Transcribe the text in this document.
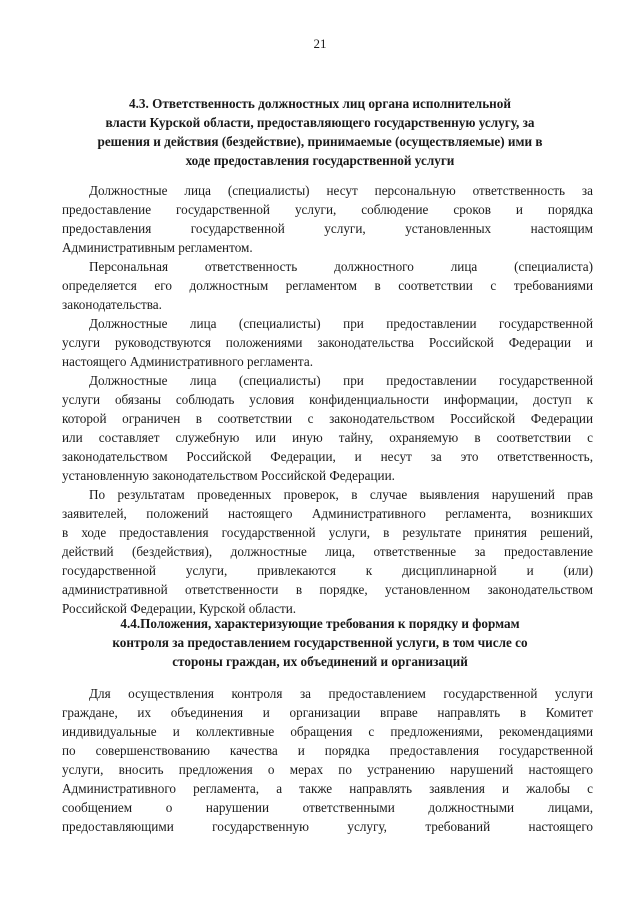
21
4.3. Ответственность должностных лиц органа исполнительной
власти Курской области, предоставляющего государственную услугу, за
решения и действия (бездействие), принимаемые (осуществляемые) ими в
ходе предоставления государственной услуги
Должностные лица (специалисты) несут персональную ответственность за
предоставление государственной услуги, соблюдение сроков и порядка
предоставления государственной услуги, установленных настоящим
Административным регламентом.
Персональная ответственность должностного лица (специалиста)
определяется его должностным регламентом в соответствии с требованиями
законодательства.
Должностные лица (специалисты) при предоставлении государственной
услуги руководствуются положениями законодательства Российской Федерации и
настоящего Административного регламента.
Должностные лица (специалисты) при предоставлении государственной
услуги обязаны соблюдать условия конфиденциальности информации, доступ к
которой ограничен в соответствии с законодательством Российской Федерации
или составляет служебную или иную тайну, охраняемую в соответствии с
законодательством Российской Федерации, и несут за это ответственность,
установленную законодательством Российской Федерации.
По результатам проведенных проверок, в случае выявления нарушений прав
заявителей, положений настоящего Административного регламента, возникших
в ходе предоставления государственной услуги, в результате принятия решений,
действий (бездействия), должностные лица, ответственные за предоставление
государственной услуги, привлекаются к дисциплинарной и (или)
административной ответственности в порядке, установленном законодательством
Российской Федерации, Курской области.
4.4.Положения, характеризующие требования к порядку и формам
контроля за предоставлением государственной услуги, в том числе со
стороны граждан, их объединений и организаций
Для осуществления контроля за предоставлением государственной услуги
граждане, их объединения и организации вправе направлять в Комитет
индивидуальные и коллективные обращения с предложениями, рекомендациями
по совершенствованию качества и порядка предоставления государственной
услуги, вносить предложения о мерах по устранению нарушений настоящего
Административного регламента, а также направлять заявления и жалобы с
сообщением о нарушении ответственными должностными лицами,
предоставляющими государственную услугу, требований настоящего
